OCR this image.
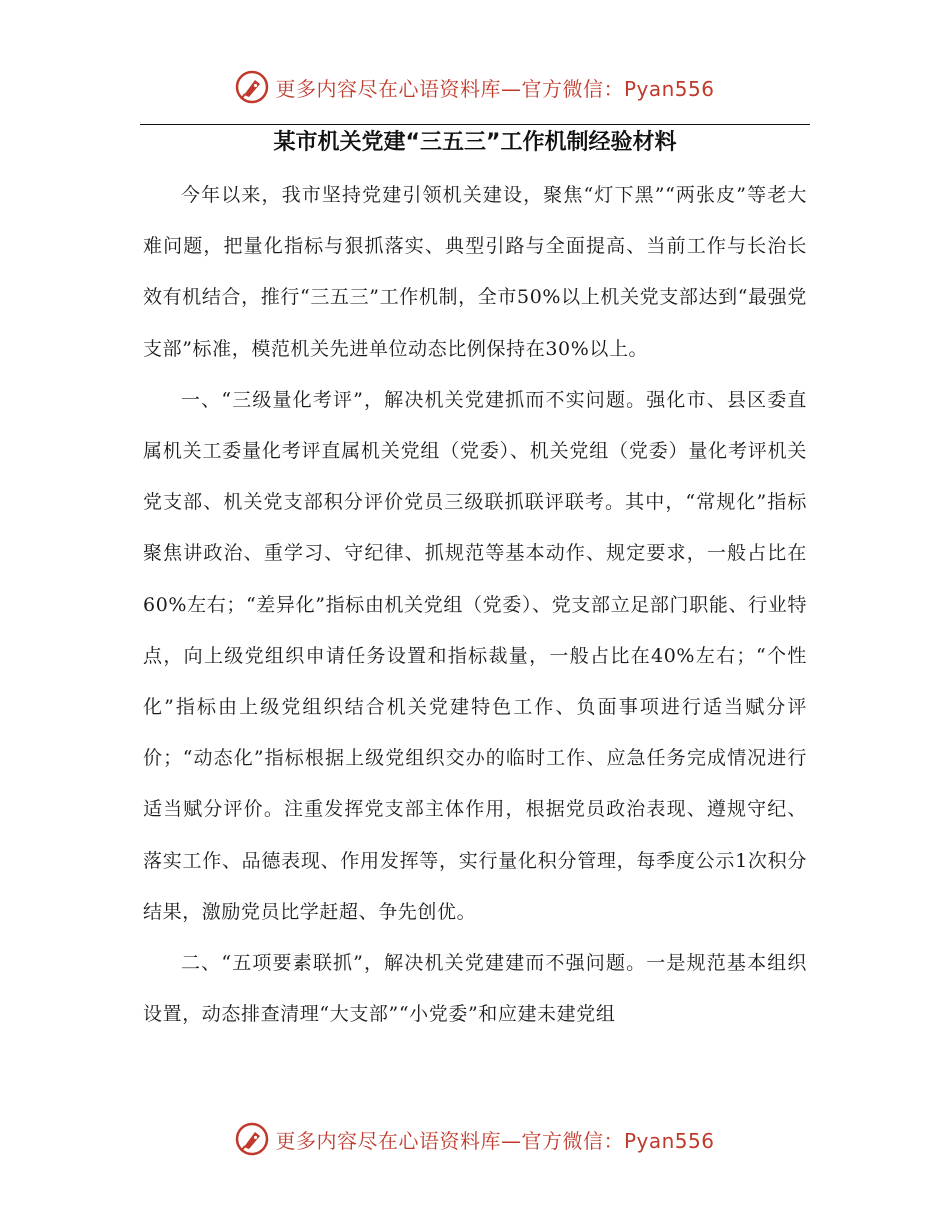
更多内容尽在心语资料库—官方微信：Pyan556
某市机关党建“三五三”工作机制经验材料

今年以来，我市坚持党建引领机关建设，聚焦“灯下黑”“两张皮”等老大难问题，把量化指标与狠抓落实、典型引路与全面提高、当前工作与长治长效有机结合，推行“三五三”工作机制，全市50%以上机关党支部达到“最强党支部”标准，模范机关先进单位动态比例保持在30%以上。

一、“三级量化考评”，解决机关党建抓而不实问题。强化市、县区委直属机关工委量化考评直属机关党组（党委）、机关党组（党委）量化考评机关党支部、机关党支部积分评价党员三级联抓联评联考。其中，“常规化”指标聚焦讲政治、重学习、守纪律、抓规范等基本动作、规定要求，一般占比在60%左右；“差异化”指标由机关党组（党委）、党支部立足部门职能、行业特点，向上级党组织申请任务设置和指标裁量，一般占比在40%左右；“个性化”指标由上级党组织结合机关党建特色工作、负面事项进行适当赋分评价；“动态化”指标根据上级党组织交办的临时工作、应急任务完成情况进行适当赋分评价。注重发挥党支部主体作用，根据党员政治表现、遵规守纪、落实工作、品德表现、作用发挥等，实行量化积分管理，每季度公示1次积分结果，激励党员比学赶超、争先创优。

二、“五项要素联抓”，解决机关党建建而不强问题。一是规范基本组织设置，动态排查清理“大支部”“小党委”和应建未建党组

更多内容尽在心语资料库—官方微信：Pyan556
